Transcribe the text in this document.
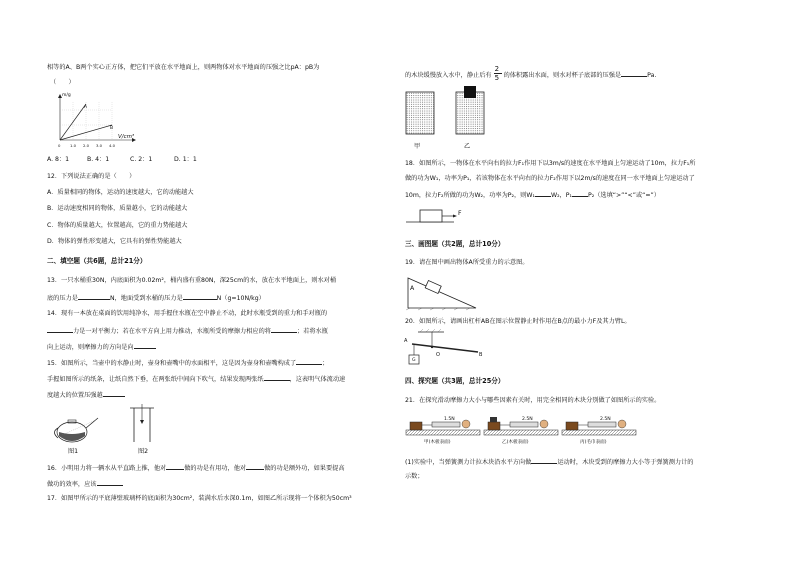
相等的A、B两个实心正方体，把它们平放在水平地面上，则两物体对水平地面的压强之比pA：pB为
（　　）
m/g
V/cm³
A
B
0	1.0 2.0 3.0 4.0
A. 8：1	B. 4：1	C. 2：1	D. 1：1
12．下列说法正确的是（　　）
A．质量相同的物体，运动的速度越大，它的动能越大
B．运动速度相同的物体，质量越小，它的动能越大
C．物体的质量越大，位置越高，它的重力势能越大
D．物体的弹性形变越大，它具有的弹性势能越大
二、填空题（共6题，总计21分）
13．一只水桶重30N，内底面积为0.02m²，桶内盛有重80N，深25cm的水，放在水平地面上，则水对桶
底的压力是	N，地面受到水桶的压力是	N（g=10N/kg）
14．现有一本放在桌面的饮用纯净水，用手握住水瓶在空中静止不动，此时水瓶受到的重力和手对瓶的
力是一对平衡力；若在水平方向上用力推动，水瓶所受的摩擦力相应的将	；若将水瓶
向上运动，则摩擦力的方向是向
15．如图所示，当壶中的水静止时，壶身和壶嘴中的水面相平，这是因为壶身和壶嘴构成了	；
手握如图所示的纸条，让纸自然下垂，在两张纸中间向下吹气，结果发现两张纸	，这表明气体流动速
度越大的位置压强越
图1	图2
16．小明用力将一辆水从平直路上推，他对	做的功是有用功，他对	做的功是额外功，如果要提高
做功的效率，应该
17．如图甲所示的平底薄壁玻璃杯的底面积为30cm²，装满水后水深0.1m，如图乙所示现将一个体积为50cm³
的木块缓慢放入水中，静止后有
$\frac{2}{5}$
的体积露出水面，则水对杯子底部的压强是	Pa.
甲	乙
18．如图所示，一物体在水平向右的拉力F₁作用下以3m/s的速度在水平地面上匀速运动了10m，拉力F₁所
做的功为W₁，功率为P₁，若该物体在水平向右的拉力F₂作用下以2m/s的速度在同一水平地面上匀速运动了
10m，拉力F₂所做的功为W₂，功率为P₂，则W₁	W₂，P₁	P₂（选填“>”“<”或“=”）
F
三、画图题（共2题，总计10分）
19．请在图中画出物体A所受重力的示意图。
A
20．如图所示，请画出杠杆AB在图示位置静止时作用在B点的最小力F及其力臂L。
A
O	B
G
四、探究题（共3题，总计25分）
21．在探究滑动摩擦力大小与哪些因素有关时，用完全相同的木块分别做了如图所示的实验。
1.5N	2.5N	2.5N
甲(木板表面)	乙(木板表面)	丙(毛巾表面)
(1)实验中，当弹簧测力计拉木块沿水平方向做	运动时，木块受到的摩擦力大小等于弹簧测力计的
示数；
